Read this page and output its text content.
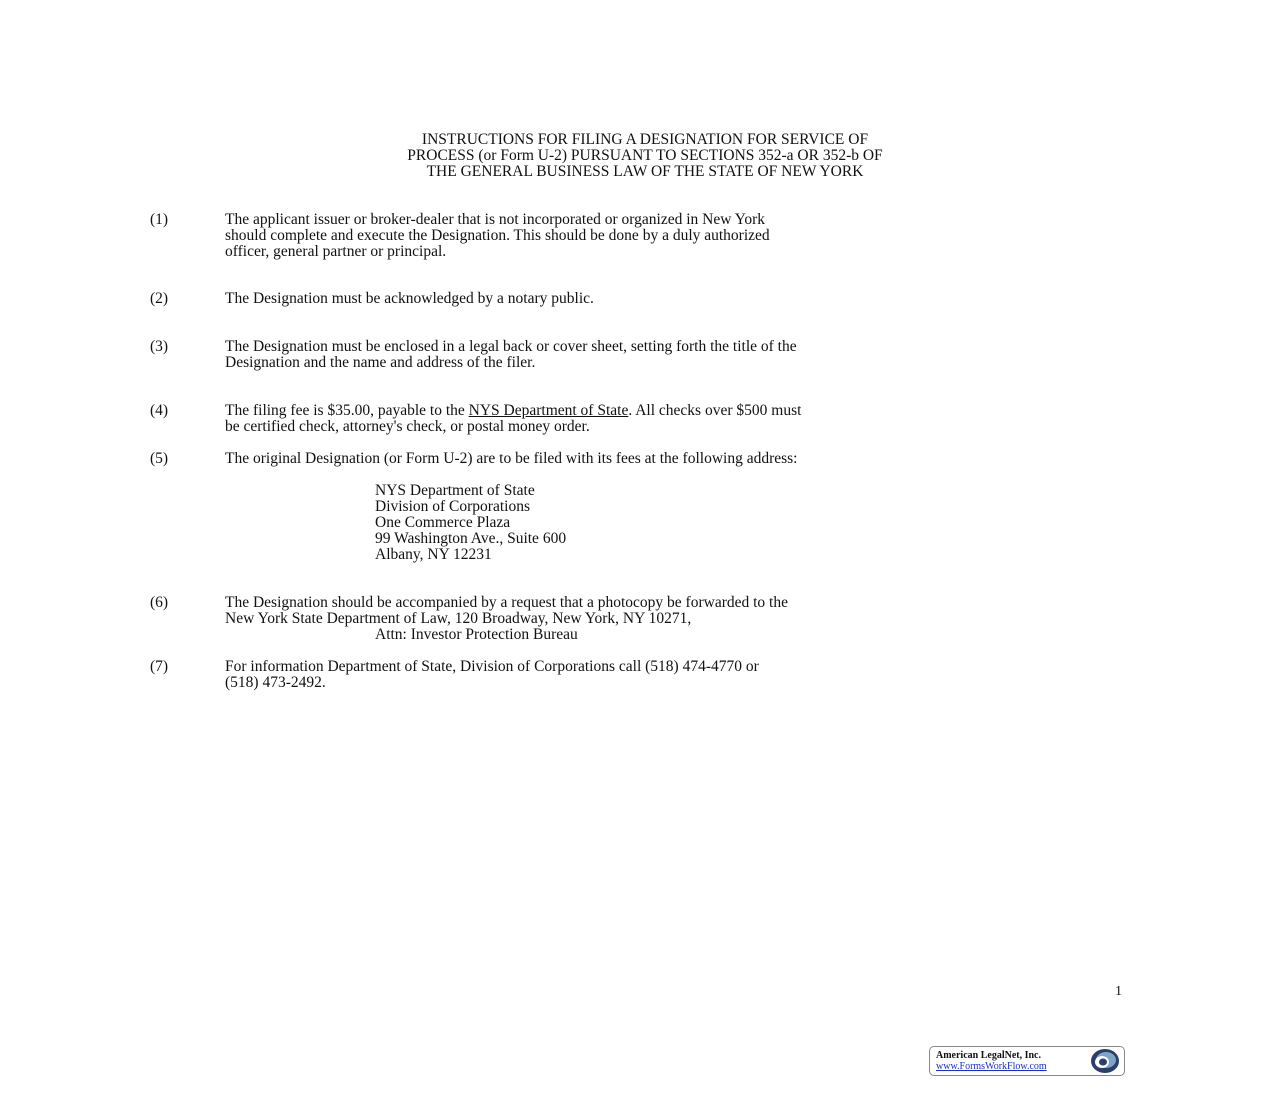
INSTRUCTIONS FOR FILING A DESIGNATION FOR SERVICE OF
PROCESS (or Form U-2) PURSUANT TO SECTIONS 352-a OR 352-b OF
THE GENERAL BUSINESS LAW OF THE STATE OF NEW YORK
(1)	The applicant issuer or broker-dealer that is not incorporated or organized in New York
should complete and execute the Designation. This should be done by a duly authorized
officer, general partner or principal.
(2)	The Designation must be acknowledged by a notary public.
(3)	The Designation must be enclosed in a legal back or cover sheet, setting forth the title of the
Designation and the name and address of the filer.
(4)	The filing fee is $35.00, payable to the NYS Department of State. All checks over $500 must
be certified check, attorney's check, or postal money order.
(5)	The original Designation (or Form U-2) are to be filed with its fees at the following address:
NYS Department of State
Division of Corporations
One Commerce Plaza
99 Washington Ave., Suite 600
Albany, NY 12231
(6)	The Designation should be accompanied by a request that a photocopy be forwarded to the
New York State Department of Law, 120 Broadway, New York, NY 10271,
Attn: Investor Protection Bureau
(7)	For information Department of State, Division of Corporations call (518) 474-4770 or
(518) 473-2492.
1
American LegalNet, Inc.
www.FormsWorkFlow.com
